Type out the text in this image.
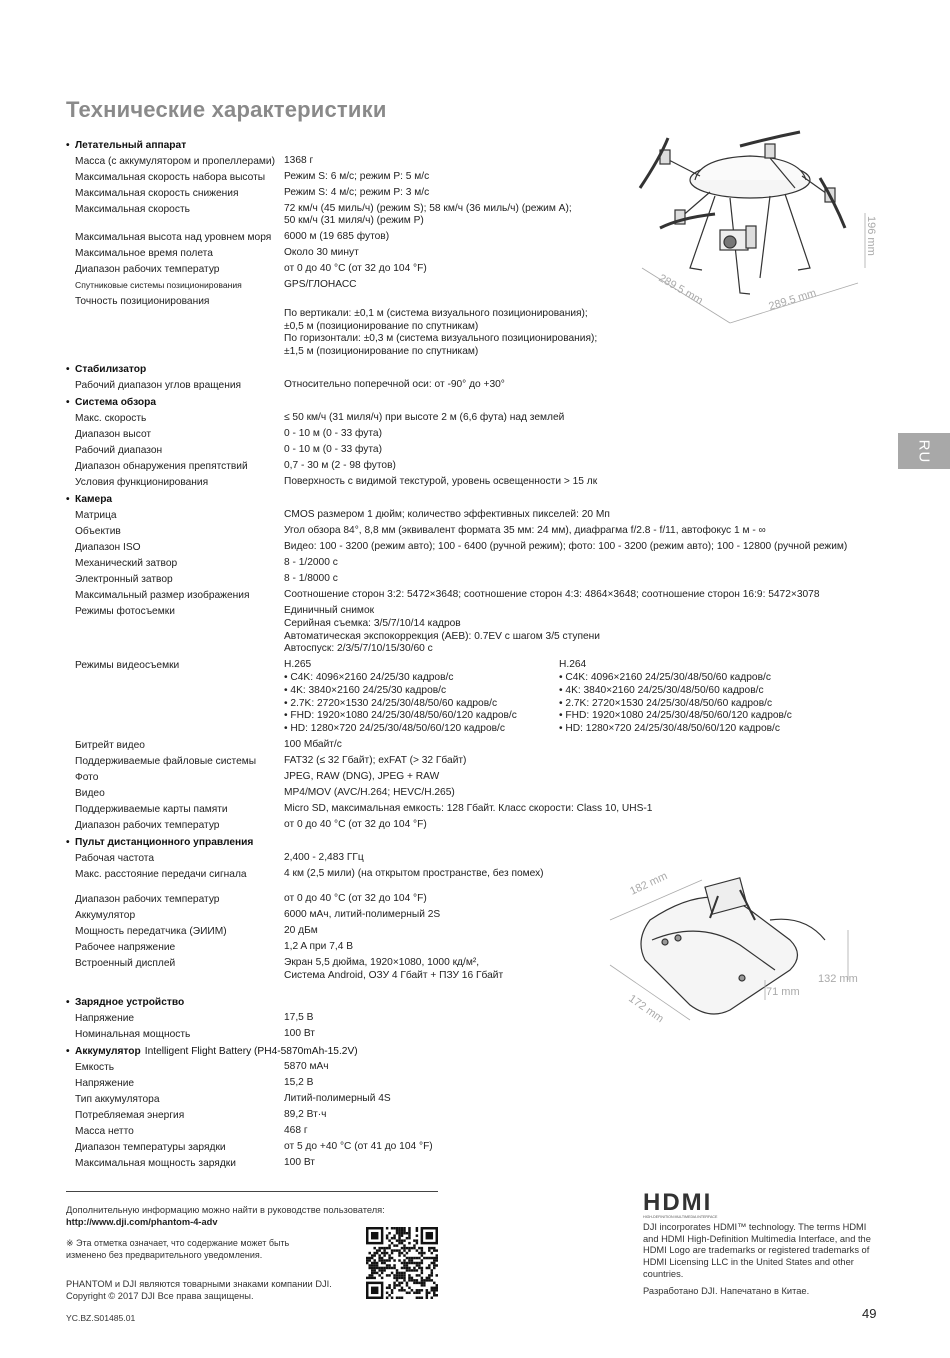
Технические характеристики
• Летательный аппарат
Масса (с аккумулятором и пропеллерами) 1368 г
Максимальная скорость набора высоты	Режим S: 6 м/с; режим P: 5 м/с
Максимальная скорость снижения	Режим S: 4 м/с; режим P: 3 м/с
Максимальная скорость	72 км/ч (45 миль/ч) (режим S); 58 км/ч (36 миль/ч) (режим A);
50 км/ч (31 миля/ч) (режим P)
Максимальная высота над уровнем моря	6000 м (19 685 футов)
Максимальное время полета	Около 30 минут
Диапазон рабочих температур	от 0 до 40 °C (от 32 до 104 °F)
Спутниковые системы позиционирования	GPS/ГЛОНАСС
Точность позиционирования

По вертикали: ±0,1 м (система визуального позиционирования);
±0,5 м (позиционирование по спутникам)
По горизонтали: ±0,3 м (система визуального позиционирования);
±1,5 м (позиционирование по спутникам)
• Стабилизатор
Рабочий диапазон углов вращения	Относительно поперечной оси: от -90° до +30°
• Система обзора
Макс. скорость	≤ 50 км/ч (31 миля/ч) при высоте 2 м (6,6 фута) над землей
Диапазон высот	0 - 10 м (0 - 33 фута)
Рабочий диапазон	0 - 10 м (0 - 33 фута)
Диапазон обнаружения препятствий	0,7 - 30 м (2 - 98 футов)
Условия функционирования	Поверхность с видимой текстурой, уровень освещенности > 15 лк
• Камера
Матрица	CMOS размером 1 дюйм; количество эффективных пикселей: 20 Мп
Объектив	Угол обзора 84°, 8,8 мм (эквивалент формата 35 мм: 24 мм), диафрагма f/2.8 - f/11, автофокус 1 м - ∞
Диапазон ISO	Видео: 100 - 3200 (режим авто); 100 - 6400 (ручной режим); фото: 100 - 3200 (режим авто); 100 - 12800 (ручной режим)
Механический затвор	8 - 1/2000 с
Электронный затвор	8 - 1/8000 с
Максимальный размер изображения	Соотношение сторон 3:2: 5472×3648; соотношение сторон 4:3: 4864×3648; соотношение сторон 16:9: 5472×3078
Режимы фотосъемки	Единичный снимок
Серийная съемка: 3/5/7/10/14 кадров
Автоматическая экспокоррекция (AEB): 0.7EV с шагом 3/5 ступени
Автоспуск: 2/3/5/7/10/15/30/60 с
Режимы видеосъемки	H.265
• C4K: 4096×2160 24/25/30 кадров/с
• 4K: 3840×2160 24/25/30 кадров/с
• 2.7K: 2720×1530 24/25/30/48/50/60 кадров/с
• FHD: 1920×1080 24/25/30/48/50/60/120 кадров/с
• HD: 1280×720 24/25/30/48/50/60/120 кадров/с
H.264
• C4K: 4096×2160 24/25/30/48/50/60 кадров/с
• 4K: 3840×2160 24/25/30/48/50/60 кадров/с
• 2.7K: 2720×1530 24/25/30/48/50/60 кадров/с
• FHD: 1920×1080 24/25/30/48/50/60/120 кадров/с
• HD: 1280×720 24/25/30/48/50/60/120 кадров/с
Битрейт видео	100 Мбайт/с
Поддерживаемые файловые системы	FAT32 (≤ 32 Гбайт); exFAT (> 32 Гбайт)
Фото	JPEG, RAW (DNG), JPEG + RAW
Видео	MP4/MOV (AVC/H.264; HEVC/H.265)
Поддерживаемые карты памяти	Micro SD, максимальная емкость: 128 Гбайт. Класс скорости: Class 10, UHS-1
Диапазон рабочих температур	от 0 до 40 °C (от 32 до 104 °F)
• Пульт дистанционного управления
Рабочая частота	2,400 - 2,483 ГГц
Макс. расстояние передачи сигнала	4 км (2,5 мили) (на открытом пространстве, без помех)
Диапазон рабочих температур	от 0 до 40 °C (от 32 до 104 °F)
Аккумулятор	6000 мАч, литий-полимерный 2S
Мощность передатчика (ЭИИМ)	20 дБм
Рабочее напряжение	1,2 A при 7,4 В
Встроенный дисплей	Экран 5,5 дюйма, 1920×1080, 1000 кд/м²,
Система Android, ОЗУ 4 Гбайт + ПЗУ 16 Гбайт
• Зарядное устройство
Напряжение	17,5 В
Номинальная мощность	100 Вт
• Аккумулятор Intelligent Flight Battery (PH4-5870mAh-15.2V)
Емкость	5870 мАч
Напряжение	15,2 В
Тип аккумулятора	Литий-полимерный 4S
Потребляемая энергия	89,2 Вт·ч
Масса нетто	468 г
Диапазон температуры зарядки	от 5 до +40 °C (от 41 до 104 °F)
Максимальная мощность зарядки	100 Вт
196 mm
289.5 mm	289.5 mm
RU
182 mm
172 mm
132 mm
71 mm
Дополнительную информацию можно найти в руководстве пользователя:
http://www.dji.com/phantom-4-adv
※ Эта отметка означает, что содержание может быть изменено без предварительного уведомления.
PHANTOM и DJI являются товарными знаками компании DJI.
Copyright © 2017 DJI Все права защищены.
YC.BZ.S01485.01
HDMI
HIGH-DEFINITION MULTIMEDIA INTERFACE
DJI incorporates HDMI™ technology. The terms HDMI and HDMI High-Definition Multimedia Interface, and the HDMI Logo are trademarks or registered trademarks of HDMI Licensing LLC in the United States and other countries.
Разработано DJI. Напечатано в Китае.
49
